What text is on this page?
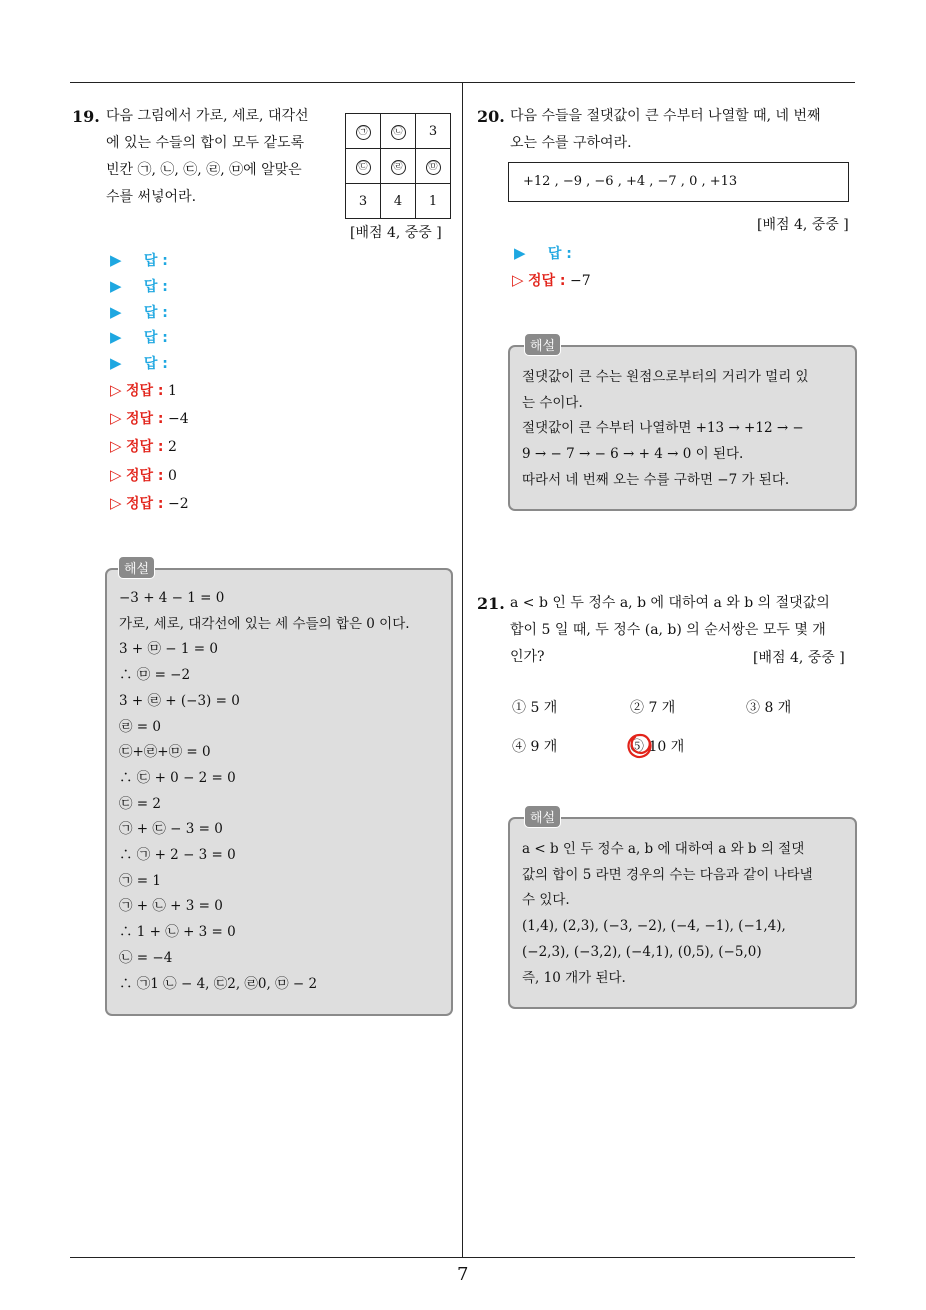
19. 다음 그림에서 가로, 세로, 대각선
에 있는 수들의 합이 모두 같도록
빈칸 ㉠, ㉡, ㉢, ㉣, ㉤에 알맞은
수를 써넣어라.
㉠	㉡	3
㉢	㉣	㉤
3	4	1
[배점 4, 중중 ]
▶ 답 :
▶ 답 :
▶ 답 :
▶ 답 :
▶ 답 :
▷ 정답 : 1
▷ 정답 : −4
▷ 정답 : 2
▷ 정답 : 0
▷ 정답 : −2
−3 + 4 − 1 = 0
가로, 세로, 대각선에 있는 세 수들의 합은 0 이다.
3 + ㉤ − 1 = 0
∴ ㉤ = −2
3 + ㉣ + (−3) = 0
㉣ = 0
㉢+㉣+㉤ = 0
∴ ㉢ + 0 − 2 = 0
㉢ = 2
㉠ + ㉢ − 3 = 0
∴ ㉠ + 2 − 3 = 0
㉠ = 1
㉠ + ㉡ + 3 = 0
∴ 1 + ㉡ + 3 = 0
㉡ = −4
∴ ㉠1 ㉡ − 4, ㉢2, ㉣0, ㉤ − 2
해설
20. 다음 수들을 절댓값이 큰 수부터 나열할 때, 네 번째
오는 수를 구하여라.
+12 , −9 , −6 , +4 , −7 , 0 , +13
[배점 4, 중중 ]
▶ 답 :
▷ 정답 : −7
절댓값이 큰 수는 원점으로부터의 거리가 멀리 있
는 수이다.
절댓값이 큰 수부터 나열하면 +13 → +12 → −
9 → − 7 → − 6 → + 4 → 0 이 된다.
따라서 네 번째 오는 수를 구하면 −7 가 된다.
해설
21. a < b 인 두 정수 a, b 에 대하여 a 와 b 의 절댓값의
합이 5 일 때, 두 정수 (a, b) 의 순서쌍은 모두 몇 개
인가?	[배점 4, 중중 ]
① 5 개	② 7 개	③ 8 개
④ 9 개	⑤ 10 개
a < b 인 두 정수 a, b 에 대하여 a 와 b 의 절댓
값의 합이 5 라면 경우의 수는 다음과 같이 나타낼
수 있다.
(1,4), (2,3), (−3, −2), (−4, −1), (−1,4),
(−2,3), (−3,2), (−4,1), (0,5), (−5,0)
즉, 10 개가 된다.
해설
7
